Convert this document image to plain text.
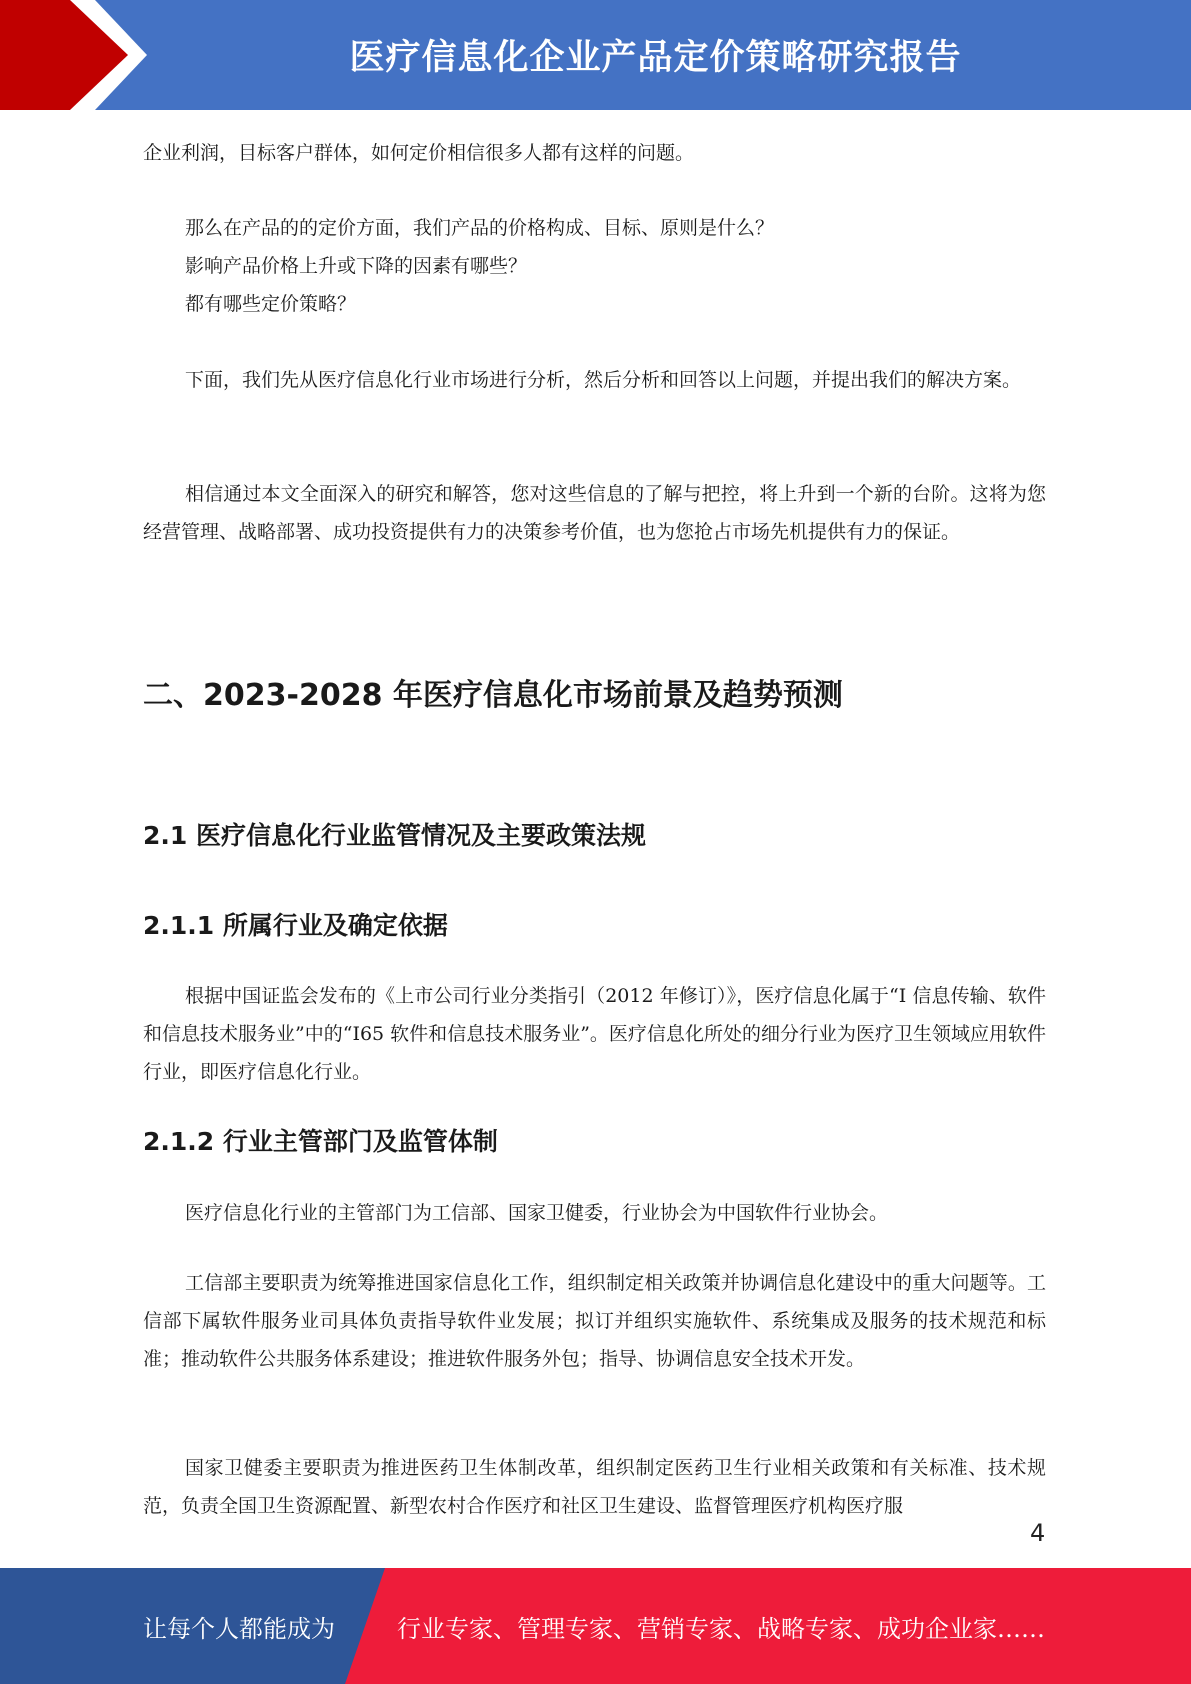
医疗信息化企业产品定价策略研究报告
企业利润，目标客户群体，如何定价相信很多人都有这样的问题。
那么在产品的的定价方面，我们产品的价格构成、目标、原则是什么？
影响产品价格上升或下降的因素有哪些？
都有哪些定价策略？
下面，我们先从医疗信息化行业市场进行分析，然后分析和回答以上问题，并提出我们的解决方案。
相信通过本文全面深入的研究和解答，您对这些信息的了解与把控，将上升到一个新的台阶。这将为您经营管理、战略部署、成功投资提供有力的决策参考价值，也为您抢占市场先机提供有力的保证。
二、2023-2028 年医疗信息化市场前景及趋势预测
2.1 医疗信息化行业监管情况及主要政策法规
2.1.1 所属行业及确定依据
根据中国证监会发布的《上市公司行业分类指引（2012 年修订）》，医疗信息化属于“I 信息传输、软件和信息技术服务业”中的“I65 软件和信息技术服务业”。医疗信息化所处的细分行业为医疗卫生领域应用软件行业，即医疗信息化行业。
2.1.2 行业主管部门及监管体制
医疗信息化行业的主管部门为工信部、国家卫健委，行业协会为中国软件行业协会。
工信部主要职责为统筹推进国家信息化工作，组织制定相关政策并协调信息化建设中的重大问题等。工信部下属软件服务业司具体负责指导软件业发展；拟订并组织实施软件、系统集成及服务的技术规范和标准；推动软件公共服务体系建设；推进软件服务外包；指导、协调信息安全技术开发。
国家卫健委主要职责为推进医药卫生体制改革，组织制定医药卫生行业相关政策和有关标准、技术规范，负责全国卫生资源配置、新型农村合作医疗和社区卫生建设、监督管理医疗机构医疗服
4
让每个人都能成为	行业专家、管理专家、营销专家、战略专家、成功企业家……
